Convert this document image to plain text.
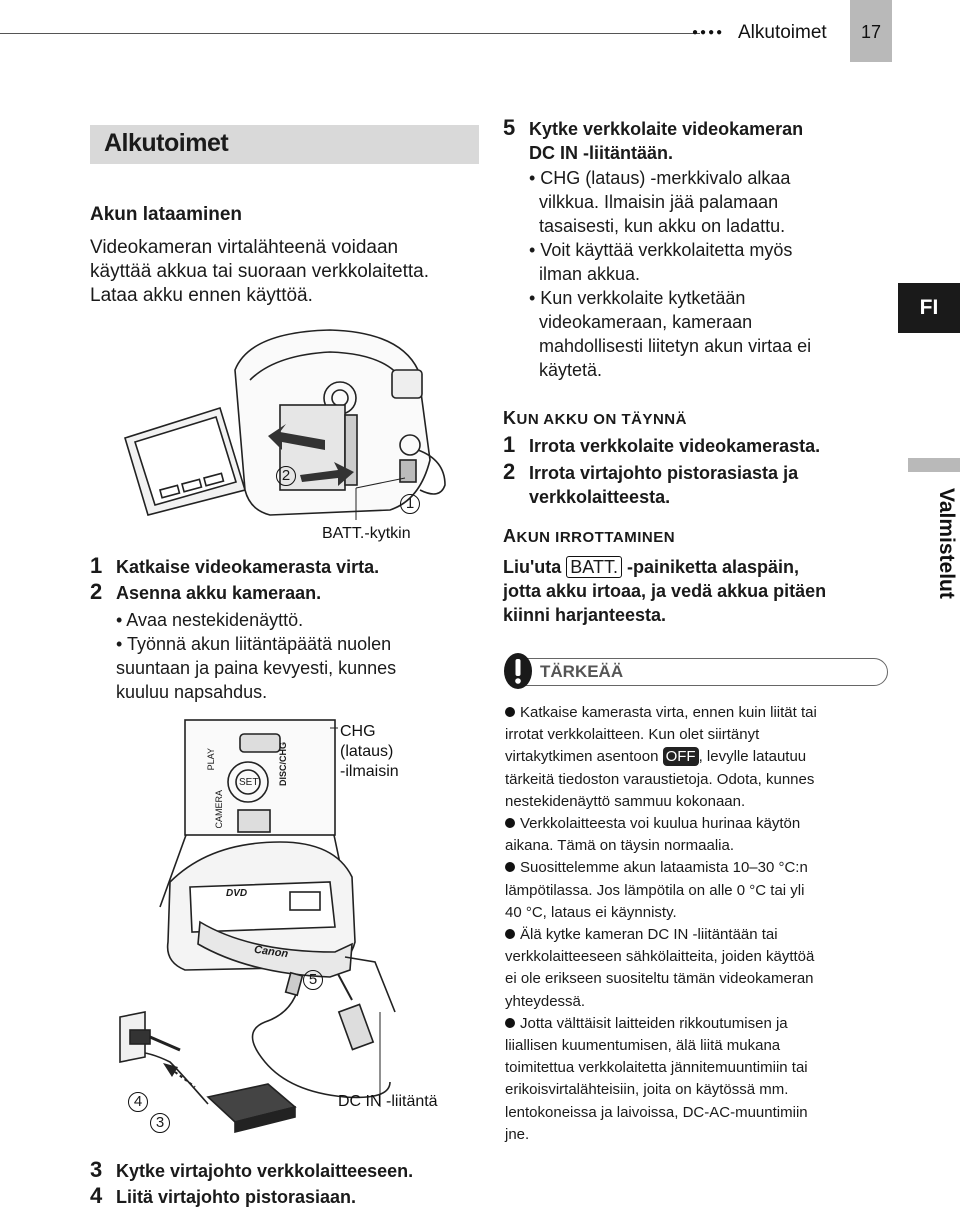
●●●● Alkutoimet	17
Alkutoimet
Akun lataaminen
Videokameran virtalähteenä voidaan
käyttää akkua tai suoraan verkkolaitetta.
Lataa akku ennen käyttöä.
2
1
BATT.-kytkin
1 Katkaise videokamerasta virta.
2 Asenna akku kameraan.
• Avaa nestekidenäyttö.
• Työnnä akun liitäntäpäätä nuolen
suuntaan ja paina kevyesti, kunnes
kuuluu napsahdus.
CHG
(lataus)
-ilmaisin
PLAY
CAMERA
SET DISC/CHG
DVD
Canon
5
4
3
DC IN -liitäntä
3 Kytke virtajohto verkkolaitteeseen.
4 Liitä virtajohto pistorasiaan.
5 Kytke verkkolaite videokameran
DC IN -liitäntään.
• CHG (lataus) -merkkivalo alkaa
vilkkua. Ilmaisin jää palamaan
tasaisesti, kun akku on ladattu.
• Voit käyttää verkkolaitetta myös
ilman akkua.
• Kun verkkolaite kytketään
videokameraan, kameraan
mahdollisesti liitetyn akun virtaa ei
käytetä.
KUN AKKU ON TÄYNNÄ
1 Irrota verkkolaite videokamerasta.
2 Irrota virtajohto pistorasiasta ja
verkkolaitteesta.
AKUN IRROTTAMINEN
Liu'uta BATT. -painiketta alaspäin,
jotta akku irtoaa, ja vedä akkua pitäen
kiinni harjanteesta.
TÄRKEÄÄ
Katkaise kamerasta virta, ennen kuin liität tai
irrotat verkkolaitteen. Kun olet siirtänyt
virtakytkimen asentoon OFF , levylle latautuu
tärkeitä tiedoston varaustietoja. Odota, kunnes
nestekidenäyttö sammuu kokonaan.
Verkkolaitteesta voi kuulua hurinaa käytön
aikana. Tämä on täysin normaalia.
Suosittelemme akun lataamista 10–30 °C:n
lämpötilassa. Jos lämpötila on alle 0 °C tai yli
40 °C, lataus ei käynnisty.
Älä kytke kameran DC IN -liitäntään tai
verkkolaitteeseen sähkölaitteita, joiden käyttöä
ei ole erikseen suositeltu tämän videokameran
yhteydessä.
Jotta välttäisit laitteiden rikkoutumisen ja
liiallisen kuumentumisen, älä liitä mukana
toimitettua verkkolaitetta jännitemuuntimiin tai
erikoisvirtalähteisiin, joita on käytössä mm.
lentokoneissa ja laivoissa, DC-AC-muuntimiin
jne.
FI
Valmistelut
